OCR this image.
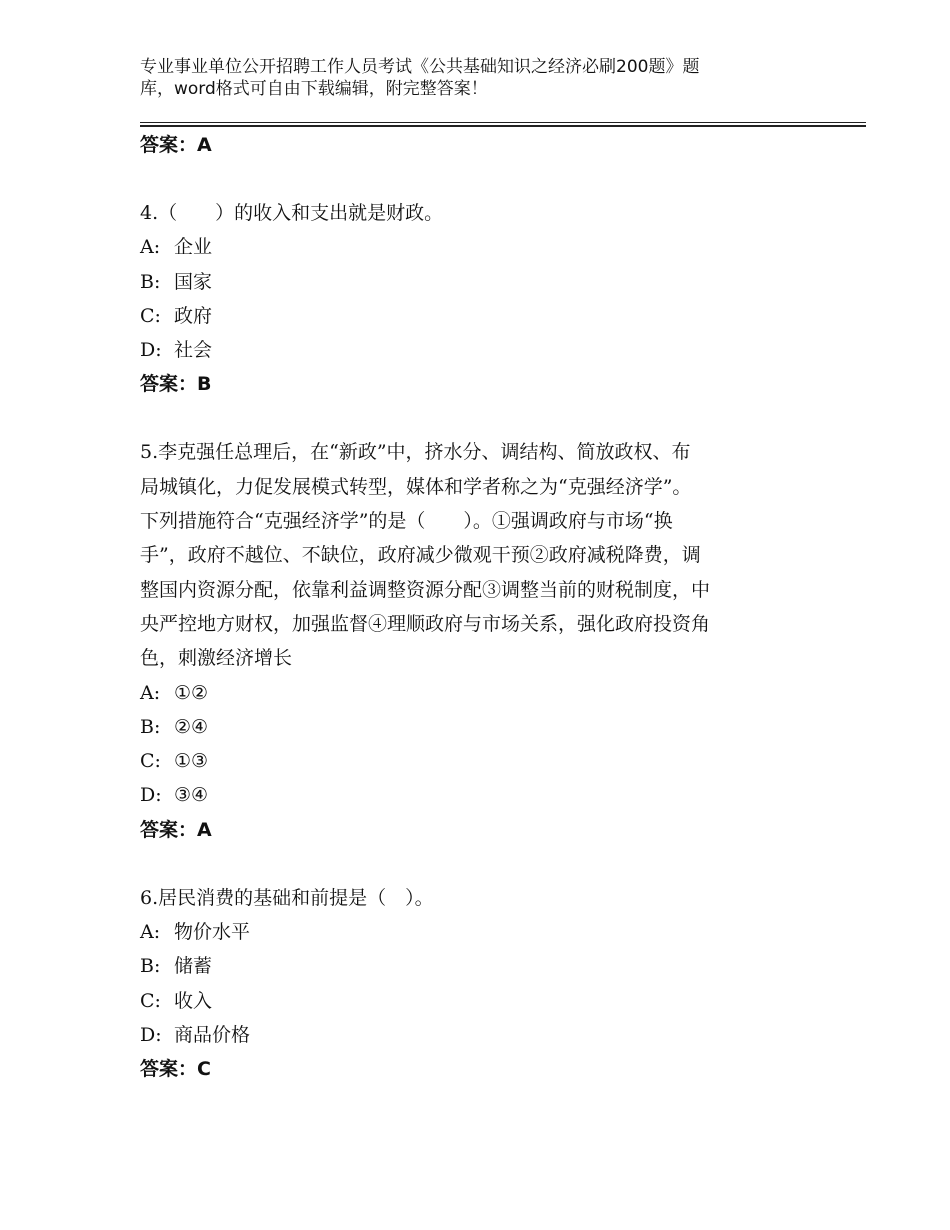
专业事业单位公开招聘工作人员考试《公共基础知识之经济必刷200题》题
库，word格式可自由下载编辑，附完整答案！
答案：A
4.（　　）的收入和支出就是财政。
A: 企业
B: 国家
C: 政府
D: 社会
答案：B
5.李克强任总理后，在“新政”中，挤水分、调结构、简放政权、布
局城镇化，力促发展模式转型，媒体和学者称之为“克强经济学”。
下列措施符合“克强经济学”的是（　　）。①强调政府与市场“换
手”，政府不越位、不缺位，政府减少微观干预②政府减税降费，调
整国内资源分配，依靠利益调整资源分配③调整当前的财税制度，中
央严控地方财权，加强监督④理顺政府与市场关系，强化政府投资角
色，刺激经济增长
A: ①②
B: ②④
C: ①③
D: ③④
答案：A
6.居民消费的基础和前提是（　）。
A: 物价水平
B: 储蓄
C: 收入
D: 商品价格
答案：C
